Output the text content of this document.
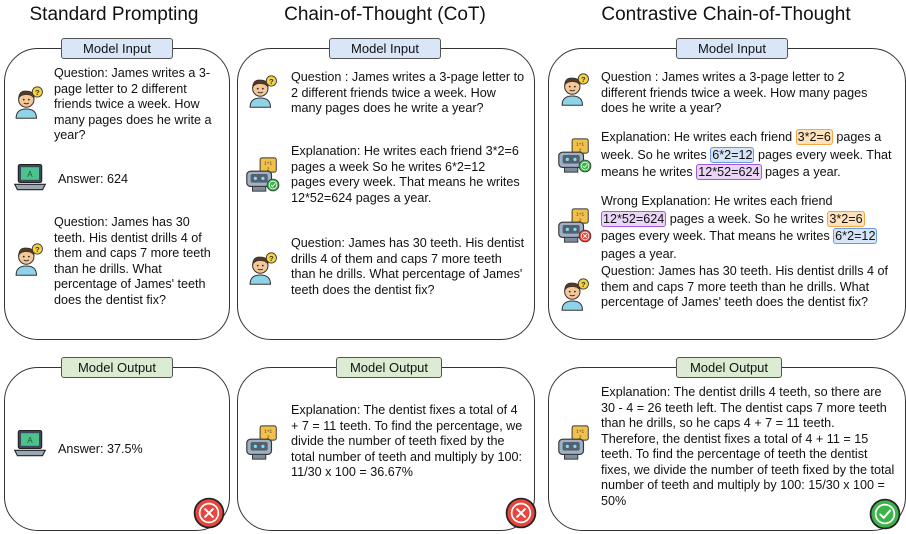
Standard Prompting	Chain-of-Thought (CoT)	Contrastive Chain-of-Thought
Model Input
Question: James writes a 3-page letter to 2 different friends twice a week. How many pages does he write a year?
Answer: 624
Question: James has 30 teeth. His dentist drills 4 of them and caps 7 more teeth than he drills. What percentage of James' teeth does the dentist fix?
Model Output
Answer: 37.5%
Model Input
Question : James writes a 3-page letter to 2 different friends twice a week. How many pages does he write a year?
Explanation: He writes each friend 3*2=6 pages a week So he writes 6*2=12 pages every week. That means he writes 12*52=624 pages a year.
Question: James has 30 teeth. His dentist drills 4 of them and caps 7 more teeth than he drills. What percentage of James' teeth does the dentist fix?
Model Output
Explanation: The dentist fixes a total of 4 + 7 = 11 teeth. To find the percentage, we divide the number of teeth fixed by the total number of teeth and multiply by 100: 11/30 x 100 = 36.67%
Model Input
Question : James writes a 3-page letter to 2 different friends twice a week. How many pages does he write a year?
Explanation: He writes each friend 3*2=6 pages a week. So he writes 6*2=12 pages every week. That means he writes 12*52=624 pages a year.
Wrong Explanation: He writes each friend 12*52=624 pages a week. So he writes 3*2=6 pages every week. That means he writes 6*2=12 pages a year.
Question: James has 30 teeth. His dentist drills 4 of them and caps 7 more teeth than he drills. What percentage of James' teeth does the dentist fix?
Model Output
Explanation: The dentist drills 4 teeth, so there are 30 - 4 = 26 teeth left. The dentist caps 7 more teeth than he drills, so he caps 4 + 7 = 11 teeth. Therefore, the dentist fixes a total of 4 + 11 = 15 teeth. To find the percentage of teeth the dentist fixes, we divide the number of teeth fixed by the total number of teeth and multiply by 100: 15/30 x 100 = 50%
